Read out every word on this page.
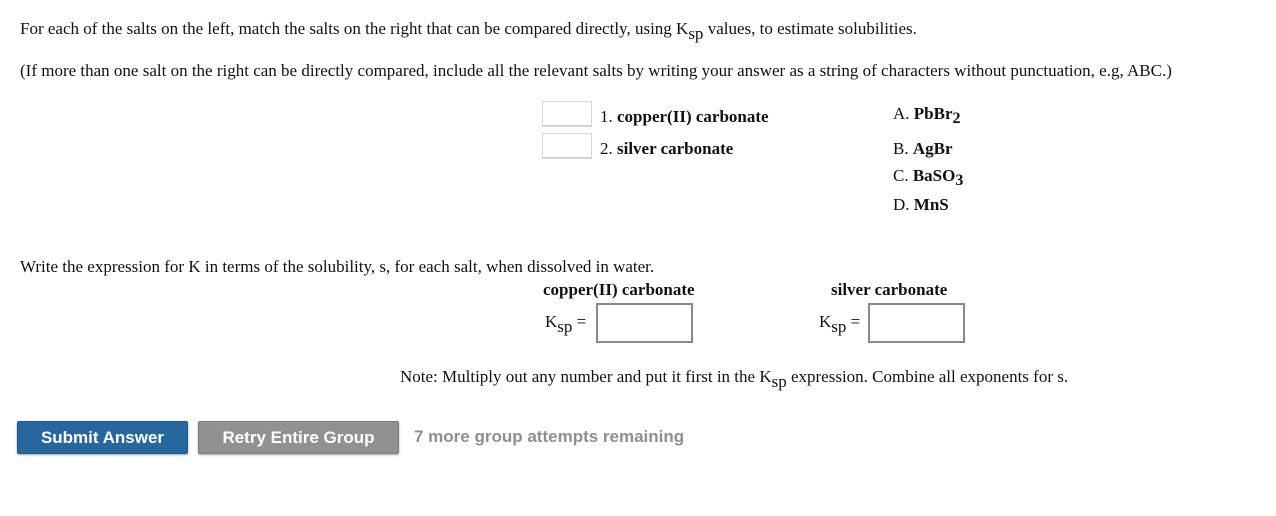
For each of the salts on the left, match the salts on the right that can be compared directly, using Ksp values, to estimate solubilities.
(If more than one salt on the right can be directly compared, include all the relevant salts by writing your answer as a string of characters without punctuation, e.g, ABC.)
1. copper(II) carbonate
2. silver carbonate
A. PbBr2
B. AgBr
C. BaSO3
D. MnS
Write the expression for K in terms of the solubility, s, for each salt, when dissolved in water.
copper(II) carbonate	silver carbonate
Ksp =	Ksp =
Note: Multiply out any number and put it first in the Ksp expression. Combine all exponents for s.
Submit Answer	Retry Entire Group	7 more group attempts remaining
